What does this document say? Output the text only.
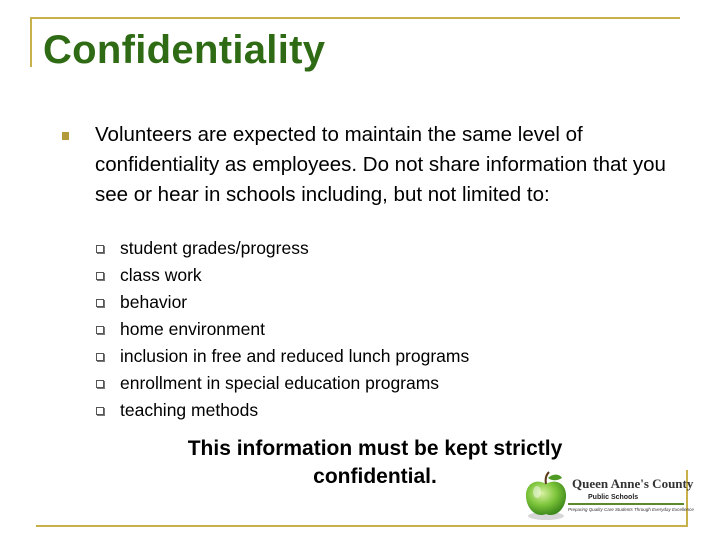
Confidentiality

Volunteers are expected to maintain the same level of confidentiality as employees. Do not share information that you see or hear in schools including, but not limited to:

student grades/progress
class work
behavior
home environment
inclusion in free and reduced lunch programs
enrollment in special education programs
teaching methods

This information must be kept strictly confidential.	Queen Anne's County
Public Schools
Preparing Quality Care Students Through Everyday Excellence
